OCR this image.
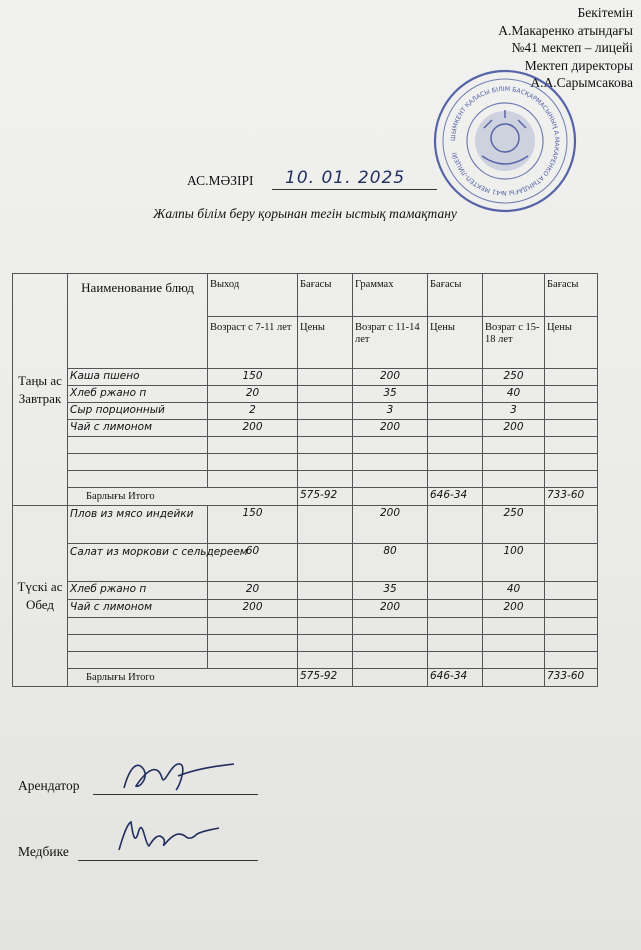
Бекітемін
А.Макаренко атындағы
№41 мектеп – лицейі
Мектеп директоры
А.А.Сарымсакова
ШЫМКЕНТ ҚАЛАСЫ БІЛІМ БАСҚАРМАСЫНЫҢ А.МАКАРЕНКО АТЫНДАҒЫ №41 МЕКТЕП-ЛИЦЕЙІ
АС.МӘЗІРІ 10. 01. 2025
Жалпы білім беру қорынан тегін ыстық тамақтану
Таңы ас Завтрак	Наименование блюд	Выход	Бағасы	Граммах	Бағасы		Бағасы
		Возраст с 7-11 лет	Цены	Возрат с 11-14 лет	Цены	Возрат с 15-18 лет	Цены
	Каша пшено	150		200		250	
	Хлеб ржано п	20		35		40	
	Сыр порционный	2		3		3	
	Чай с лимоном	200		200		200	

	Барлығы Итого		575-92		646-34		733-60
Түскі ас Обед	Плов из мясо индейки	150		200		250	
	Салат из моркови с сельдереем	60		80		100	
	Хлеб ржано п	20		35		40	
	Чай с лимоном	200		200		200	

	Барлығы Итого		575-92		646-34		733-60
Арендатор
Медбике
